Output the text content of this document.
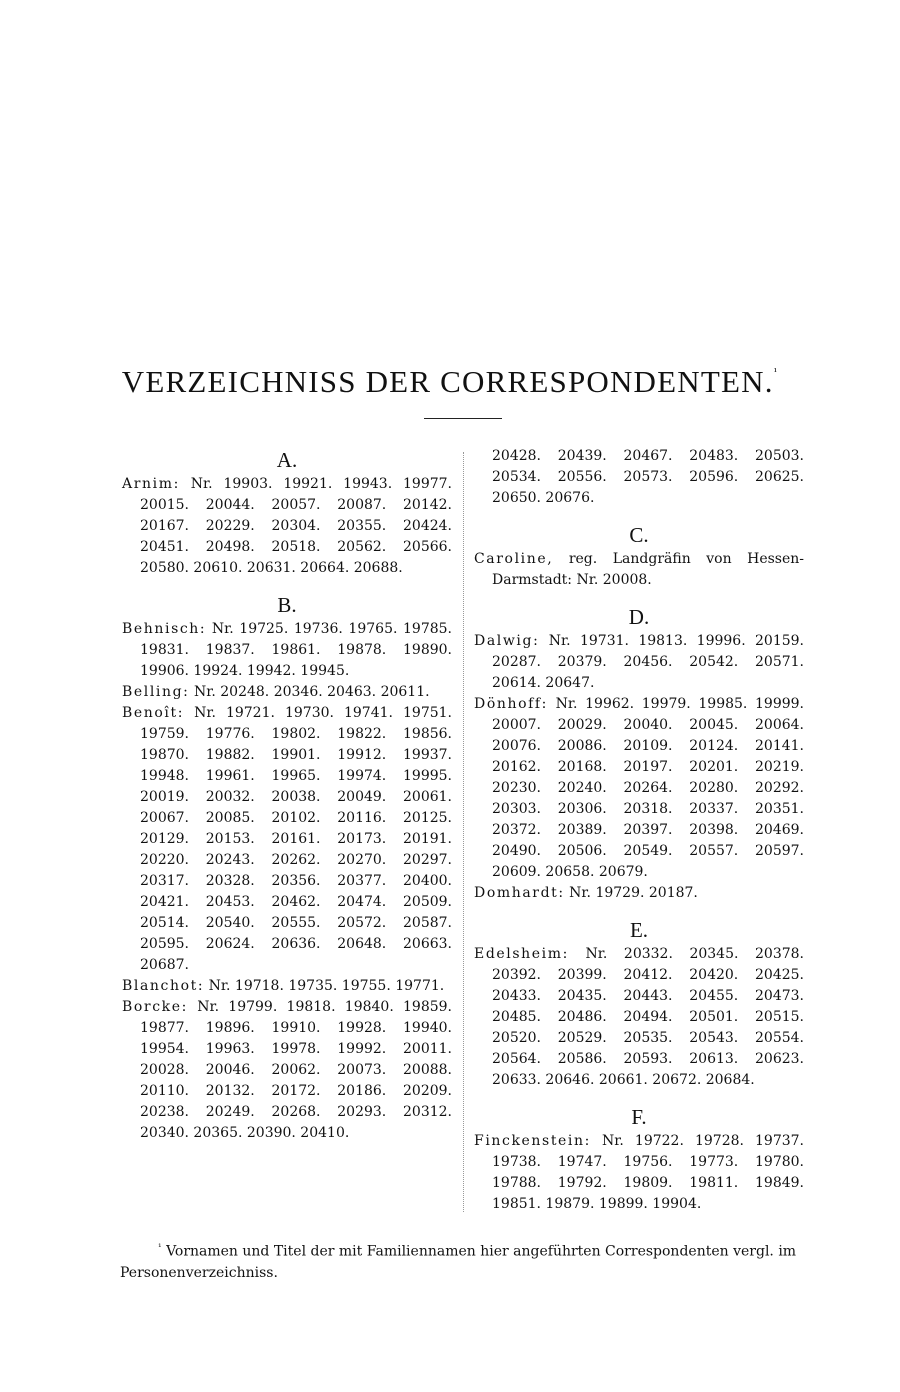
VERZEICHNISS DER CORRESPONDENTEN.$^{^1}$

A.

Arnim: Nr. 19903. 19921. 19943. 19977. 20015. 20044. 20057. 20087. 20142. 20167. 20229. 20304. 20355. 20424. 20451. 20498. 20518. 20562. 20566. 20580. 20610. 20631. 20664. 20688.

B.

Behnisch: Nr. 19725. 19736. 19765. 19785. 19831. 19837. 19861. 19878. 19890. 19906. 19924. 19942. 19945.

Belling: Nr. 20248. 20346. 20463. 20611.

Benoît: Nr. 19721. 19730. 19741. 19751. 19759. 19776. 19802. 19822. 19856. 19870. 19882. 19901. 19912. 19937. 19948. 19961. 19965. 19974. 19995. 20019. 20032. 20038. 20049. 20061. 20067. 20085. 20102. 20116. 20125. 20129. 20153. 20161. 20173. 20191. 20220. 20243. 20262. 20270. 20297. 20317. 20328. 20356. 20377. 20400. 20421. 20453. 20462. 20474. 20509. 20514. 20540. 20555. 20572. 20587. 20595. 20624. 20636. 20648. 20663. 20687.

Blanchot: Nr. 19718. 19735. 19755. 19771.

Borcke: Nr. 19799. 19818. 19840. 19859. 19877. 19896. 19910. 19928. 19940. 19954. 19963. 19978. 19992. 20011. 20028. 20046. 20062. 20073. 20088. 20110. 20132. 20172. 20186. 20209. 20238. 20249. 20268. 20293. 20312. 20340. 20365. 20390. 20410.

20428. 20439. 20467. 20483. 20503. 20534. 20556. 20573. 20596. 20625. 20650. 20676.

C.

Caroline, reg. Landgräfin von Hessen-Darmstadt: Nr. 20008.

D.

Dalwig: Nr. 19731. 19813. 19996. 20159. 20287. 20379. 20456. 20542. 20571. 20614. 20647.

Dönhoff: Nr. 19962. 19979. 19985. 19999. 20007. 20029. 20040. 20045. 20064. 20076. 20086. 20109. 20124. 20141. 20162. 20168. 20197. 20201. 20219. 20230. 20240. 20264. 20280. 20292. 20303. 20306. 20318. 20337. 20351. 20372. 20389. 20397. 20398. 20469. 20490. 20506. 20549. 20557. 20597. 20609. 20658. 20679.

Domhardt: Nr. 19729. 20187.

E.

Edelsheim: Nr. 20332. 20345. 20378. 20392. 20399. 20412. 20420. 20425. 20433. 20435. 20443. 20455. 20473. 20485. 20486. 20494. 20501. 20515. 20520. 20529. 20535. 20543. 20554. 20564. 20586. 20593. 20613. 20623. 20633. 20646. 20661. 20672. 20684.

F.

Finckenstein: Nr. 19722. 19728. 19737. 19738. 19747. 19756. 19773. 19780. 19788. 19792. 19809. 19811. 19849. 19851. 19879. 19899. 19904.

$^{^1}$ Vornamen und Titel der mit Familiennamen hier angeführten Correspondenten vergl. im Personenverzeichniss.
